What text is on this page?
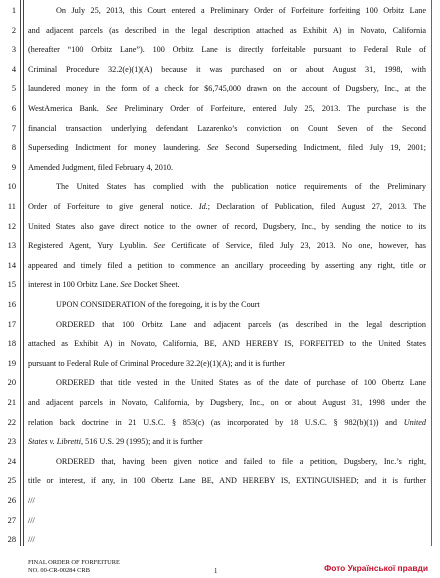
1
2
3
4
5
6
7
8
9
10
11
12
13
14
15
16
17
18
19
20
21
22
23
24
25
26
27
28
On July 25, 2013, this Court entered a Preliminary Order of Forfeiture forfeiting 100 Orbitz Lane
and adjacent parcels (as described in the legal description attached as Exhibit A) in Novato, California
(hereafter “100 Orbitz Lane”). 100 Orbitz Lane is directly forfeitable pursuant to Federal Rule of
Criminal Procedure 32.2(e)(1)(A) because it was purchased on or about August 31, 1998, with
laundered money in the form of a check for $6,745,000 drawn on the account of Dugsbery, Inc., at the
WestAmerica Bank. See Preliminary Order of Forfeiture, entered July 25, 2013. The purchase is the
financial transaction underlying defendant Lazarenko’s conviction on Count Seven of the Second
Superseding Indictment for money laundering. See Second Superseding Indictment, filed July 19, 2001;
Amended Judgment, filed February 4, 2010.
The United States has complied with the publication notice requirements of the Preliminary
Order of Forfeiture to give general notice. Id.; Declaration of Publication, filed August 27, 2013. The
United States also gave direct notice to the owner of record, Dugsbery, Inc., by sending the notice to its
Registered Agent, Yury Lyublin. See Certificate of Service, filed July 23, 2013. No one, however, has
appeared and timely filed a petition to commence an ancillary proceeding by asserting any right, title or
interest in 100 Orbitz Lane. See Docket Sheet.
UPON CONSIDERATION of the foregoing, it is by the Court
ORDERED that 100 Orbitz Lane and adjacent parcels (as described in the legal description
attached as Exhibit A) in Novato, California, BE, AND HEREBY IS, FORFEITED to the United States
pursuant to Federal Rule of Criminal Procedure 32.2(e)(1)(A); and it is further
ORDERED that title vested in the United States as of the date of purchase of 100 Obertz Lane
and adjacent parcels in Novato, California, by Dugsbery, Inc., on or about August 31, 1998 under the
relation back doctrine in 21 U.S.C. § 853(c) (as incorporated by 18 U.S.C. § 982(b)(1)) and United
States v. Libretti, 516 U.S. 29 (1995); and it is further
ORDERED that, having been given notice and failed to file a petition, Dugsbery, Inc.’s right,
title or interest, if any, in 100 Obertz Lane BE, AND HEREBY IS, EXTINGUISHED; and it is further
///
///
///
FINAL ORDER OF FORFEITURE
NO. 00-CR-00284 CRB	1	Фото Української правди
